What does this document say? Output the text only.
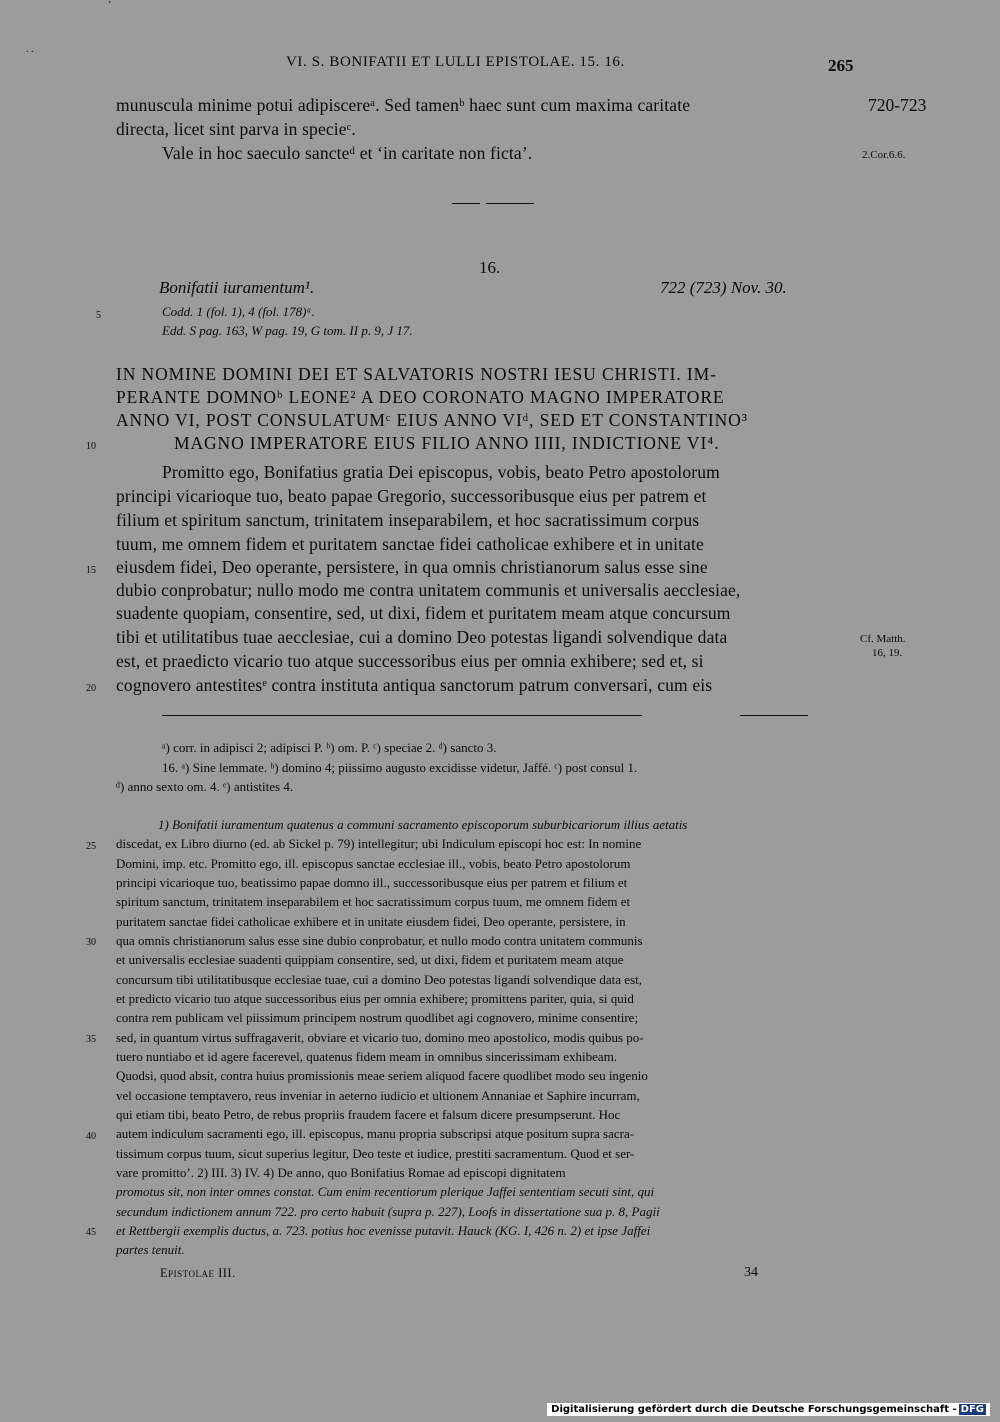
’
. .
VI. S. BONIFATII ET LULLI EPISTOLAE. 15. 16.	265
munuscula minime potui adipiscereᵃ. Sed tamenᵇ haec sunt cum maxima caritate	720-723
directa, licet sint parva in specieᶜ.
Vale in hoc saeculo sancteᵈ et ‘in caritate non ficta’.	2.Cor.6.6.
16.
Bonifatii iuramentum¹.	722 (723) Nov. 30.
Codd. 1 (fol. 1), 4 (fol. 178)ᵃ.
Edd. S pag. 163, W pag. 19, G tom. II p. 9, J 17.
IN NOMINE DOMINI DEI ET SALVATORIS NOSTRI IESU CHRISTI. IM-
PERANTE DOMNOᵇ LEONE² A DEO CORONATO MAGNO IMPERATORE
ANNO VI, POST CONSULATUMᶜ EIUS ANNO VIᵈ, SED ET CONSTANTINO³
MAGNO IMPERATORE EIUS FILIO ANNO IIII, INDICTIONE VI⁴.
Promitto ego, Bonifatius gratia Dei episcopus, vobis, beato Petro apostolorum
principi vicarioque tuo, beato papae Gregorio, successoribusque eius per patrem et
filium et spiritum sanctum, trinitatem inseparabilem, et hoc sacratissimum corpus
tuum, me omnem fidem et puritatem sanctae fidei catholicae exhibere et in unitate
eiusdem fidei, Deo operante, persistere, in qua omnis christianorum salus esse sine
dubio conprobatur; nullo modo me contra unitatem communis et universalis aecclesiae,
suadente quopiam, consentire, sed, ut dixi, fidem et puritatem meam atque concursum
tibi et utilitatibus tuae aecclesiae, cui a domino Deo potestas ligandi solvendique data
est, et praedicto vicario tuo atque successoribus eius per omnia exhibere; sed et, si
cognovero antestitesᵉ contra instituta antiqua sanctorum patrum conversari, cum eis
Cf. Matth.
16, 19.
5
10
15
20
25
30
35
40
45
ᵃ) corr. in adipisci 2; adipisci P. ᵇ) om. P. ᶜ) speciae 2. ᵈ) sancto 3.
16. ᵃ) Sine lemmate. ᵇ) domino 4; piissimo augusto excidisse videtur, Jaffé. ᶜ) post consul 1.
ᵈ) anno sexto om. 4. ᵉ) antistites 4.
1) Bonifatii iuramentum quatenus a communi sacramento episcoporum suburbicariorum illius aetatis
discedat, ex Libro diurno (ed. ab Sickel p. 79) intellegitur; ubi Indiculum episcopi hoc est: In nomine
Domini, imp. etc. Promitto ego, ill. episcopus sanctae ecclesiae ill., vobis, beato Petro apostolorum
principi vicarioque tuo, beatissimo papae domno ill., successoribusque eius per patrem et filium et
spiritum sanctum, trinitatem inseparabilem et hoc sacratissimum corpus tuum, me omnem fidem et
puritatem sanctae fidei catholicae exhibere et in unitate eiusdem fidei, Deo operante, persistere, in
qua omnis christianorum salus esse sine dubio conprobatur, et nullo modo contra unitatem communis
et universalis ecclesiae suadenti quippiam consentire, sed, ut dixi, fidem et puritatem meam atque
concursum tibi utilitatibusque ecclesiae tuae, cui a domino Deo potestas ligandi solvendique data est,
et predicto vicario tuo atque successoribus eius per omnia exhibere; promittens pariter, quia, si quid
contra rem publicam vel piissimum principem nostrum quodlibet agi cognovero, minime consentire;
sed, in quantum virtus suffragaverit, obviare et vicario tuo, domino meo apostolico, modis quibus po-
tuero nuntiabo et id agere facerevel, quatenus fidem meam in omnibus sincerissimam exhibeam.
Quodsi, quod absit, contra huius promissionis meae seriem aliquod facere quodlibet modo seu ingenio
vel occasione temptavero, reus inveniar in aeterno iudicio et ultionem Annaniae et Saphire incurram,
qui etiam tibi, beato Petro, de rebus propriis fraudem facere et falsum dicere presumpserunt. Hoc
autem indiculum sacramenti ego, ill. episcopus, manu propria subscripsi atque positum supra sacra-
tissimum corpus tuum, sicut superius legitur, Deo teste et iudice, prestiti sacramentum. Quod et ser-
vare promitto’. 2) III. 3) IV. 4) De anno, quo Bonifatius Romae ad episcopi dignitatem
promotus sit, non inter omnes constat. Cum enim recentiorum plerique Jaffei sententiam secuti sint, qui
secundum indictionem annum 722. pro certo habuit (supra p. 227), Loofs in dissertatione sua p. 8, Pagii
et Rettbergii exemplis ductus, a. 723. potius hoc evenisse putavit. Hauck (KG. I, 426 n. 2) et ipse Jaffei
partes tenuit.
Epistolae III.	34
Digitalisierung gefördert durch die Deutsche Forschungsgemeinschaft - DFG
